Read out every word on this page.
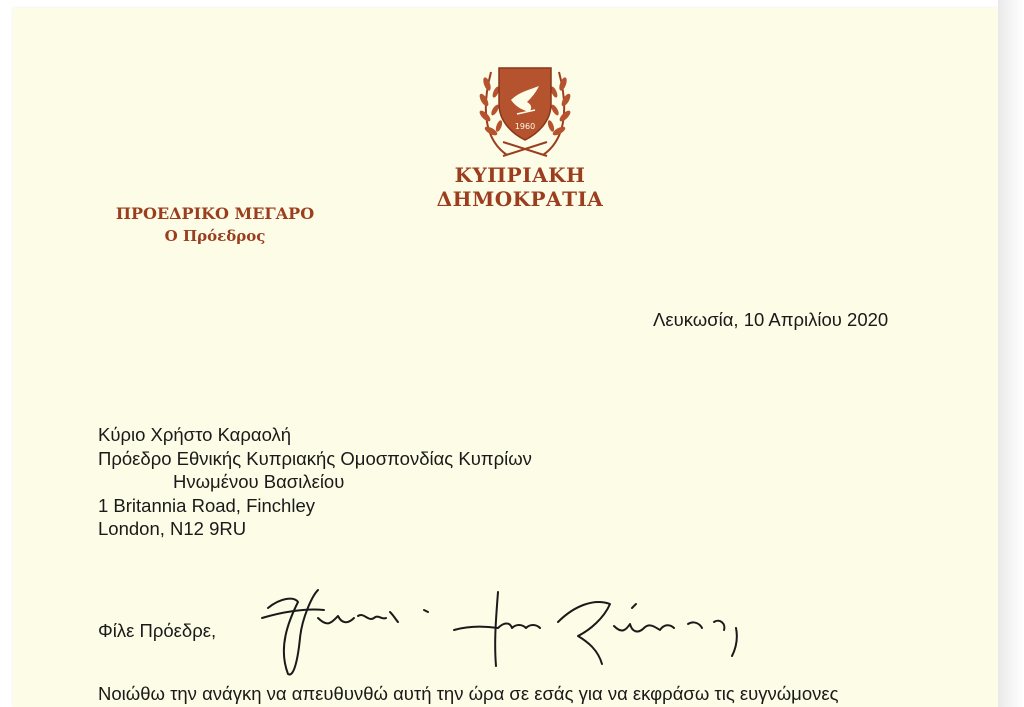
1960
ΚΥΠΡΙΑΚΗ ΔΗΜΟΚΡΑΤΙΑ
ΠΡΟΕΔΡΙΚΟ ΜΕΓΑΡΟ
Ο Πρόεδρος
Λευκωσία, 10 Απριλίου 2020
Κύριο Χρήστο Καραολή
Πρόεδρο Εθνικής Κυπριακής Ομοσπονδίας Κυπρίων
Ηνωμένου Βασιλείου
1 Britannia Road, Finchley
London, N12 9RU
Φίλε Πρόεδρε,
Νοιώθω την ανάγκη να απευθυνθώ αυτή την ώρα σε εσάς για να εκφράσω τις ευγνώμονες
